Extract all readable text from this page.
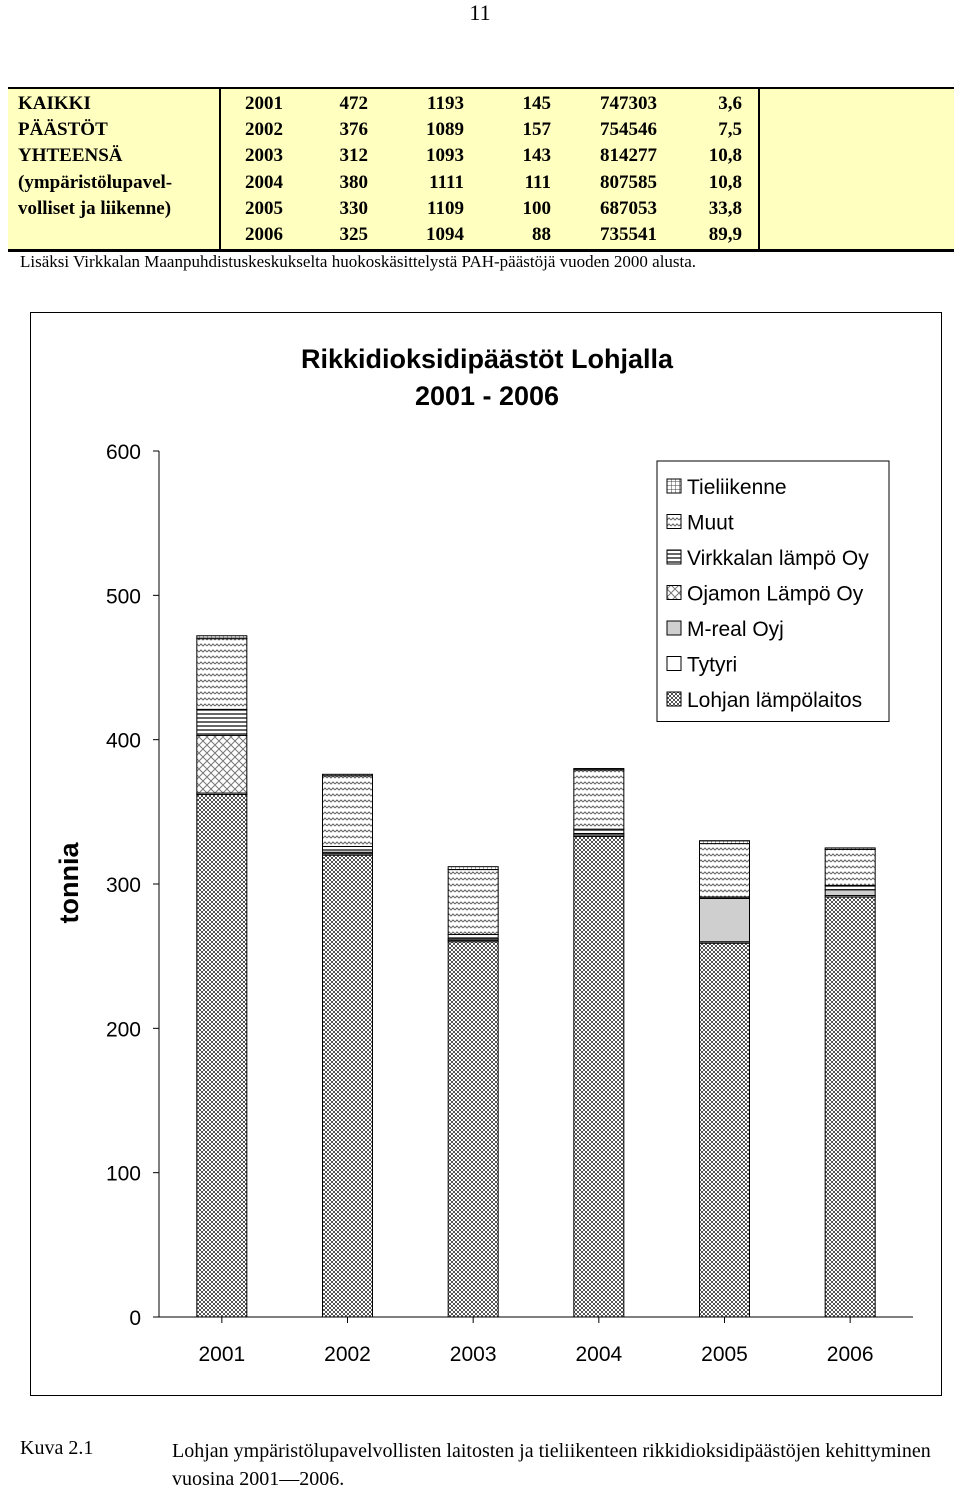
11
KAIKKI
PÄÄSTÖT
YHTEENSÄ
(ympäristölupavel-
volliset ja liikenne)
2001	472	1193	145	747303	3,6
2002	376	1089	157	754546	7,5
2003	312	1093	143	814277	10,8
2004	380	1111	111	807585	10,8
2005	330	1109	100	687053	33,8
2006	325	1094	88	735541	89,9
Lisäksi Virkkalan Maanpuhdistuskeskukselta huokoskäsittelystä PAH-päästöjä vuoden 2000 alusta.
Rikkidioksidipäästöt Lohjalla
2001 - 2006
tonnia
0
100
200
300
400
500
600
2001	2002	2003	2004	2005	2006
Tieliikenne
Muut
Virkkalan lämpö Oy
Ojamon Lämpö Oy
M-real Oyj
Tytyri
Lohjan lämpölaitos
Kuva 2.1	Lohjan ympäristölupavelvollisten laitosten ja tieliikenteen rikkidioksidipäästöjen kehittyminen vuosina 2001—2006.
